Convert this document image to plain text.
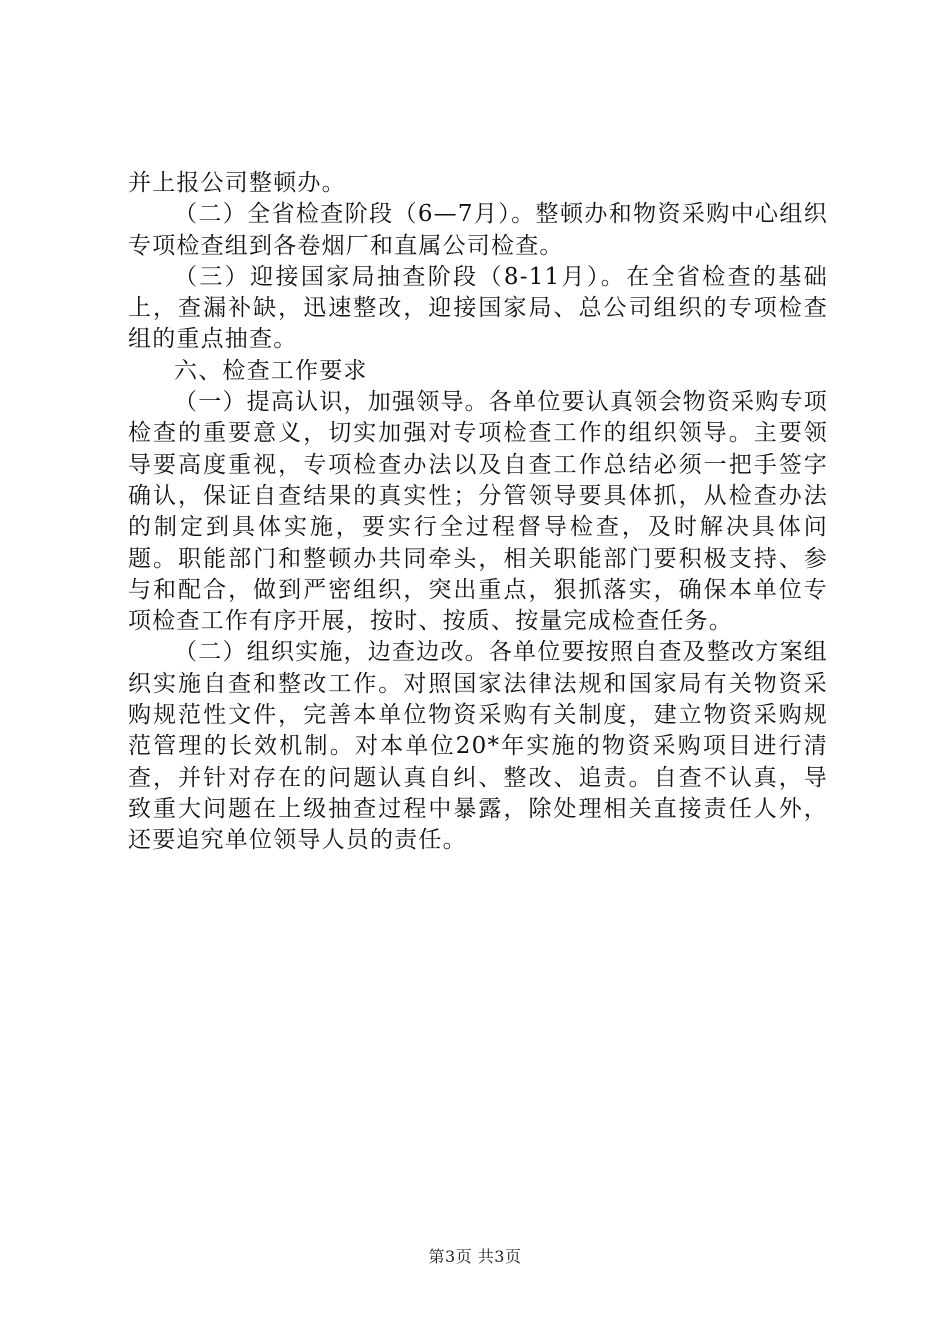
并上报公司整顿办。

（二）全省检查阶段（6—7月）。整顿办和物资采购中心组织专项检查组到各卷烟厂和直属公司检查。

（三）迎接国家局抽查阶段（8-11月）。在全省检查的基础上，查漏补缺，迅速整改，迎接国家局、总公司组织的专项检查组的重点抽查。

六、检查工作要求

（一）提高认识，加强领导。各单位要认真领会物资采购专项检查的重要意义，切实加强对专项检查工作的组织领导。主要领导要高度重视，专项检查办法以及自查工作总结必须一把手签字确认，保证自查结果的真实性；分管领导要具体抓，从检查办法的制定到具体实施，要实行全过程督导检查，及时解决具体问题。职能部门和整顿办共同牵头，相关职能部门要积极支持、参与和配合，做到严密组织，突出重点，狠抓落实，确保本单位专项检查工作有序开展，按时、按质、按量完成检查任务。

（二）组织实施，边查边改。各单位要按照自查及整改方案组织实施自查和整改工作。对照国家法律法规和国家局有关物资采购规范性文件，完善本单位物资采购有关制度，建立物资采购规范管理的长效机制。对本单位20*年实施的物资采购项目进行清查，并针对存在的问题认真自纠、整改、追责。自查不认真，导致重大问题在上级抽查过程中暴露，除处理相关直接责任人外，还要追究单位领导人员的责任。

第3页 共3页
